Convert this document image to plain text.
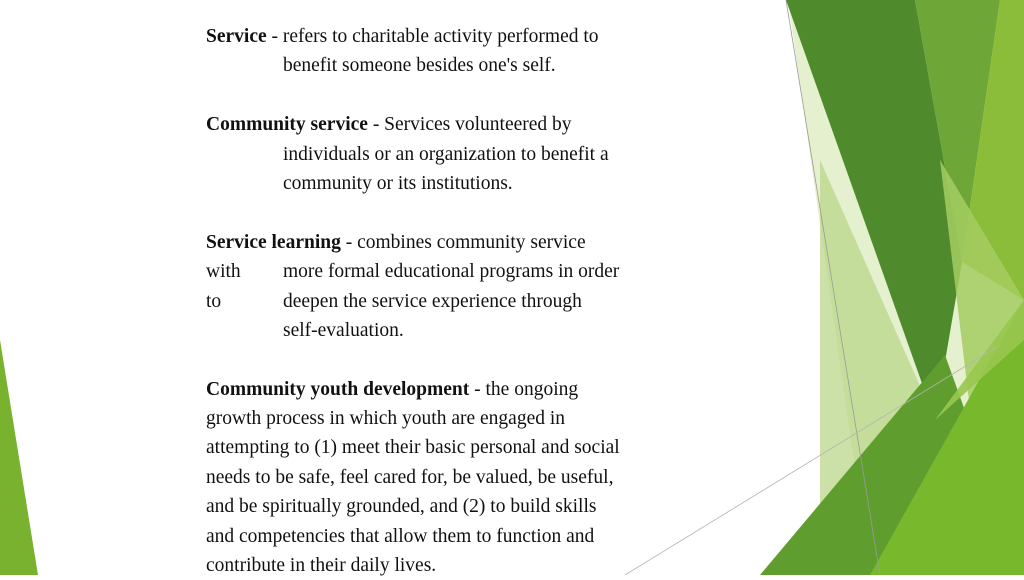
Service - refers to charitable activity performed to
benefit someone besides one's self.
Community service - Services volunteered by
individuals or an organization to benefit a
community or its institutions.
Service learning - combines community service
with more formal educational programs in order
to	deepen the service experience through
self-evaluation.
Community youth development - the ongoing
growth process in which youth are engaged in
attempting to (1) meet their basic personal and social
needs to be safe, feel cared for, be valued, be useful,
and be spiritually grounded, and (2) to build skills
and competencies that allow them to function and
contribute in their daily lives.
